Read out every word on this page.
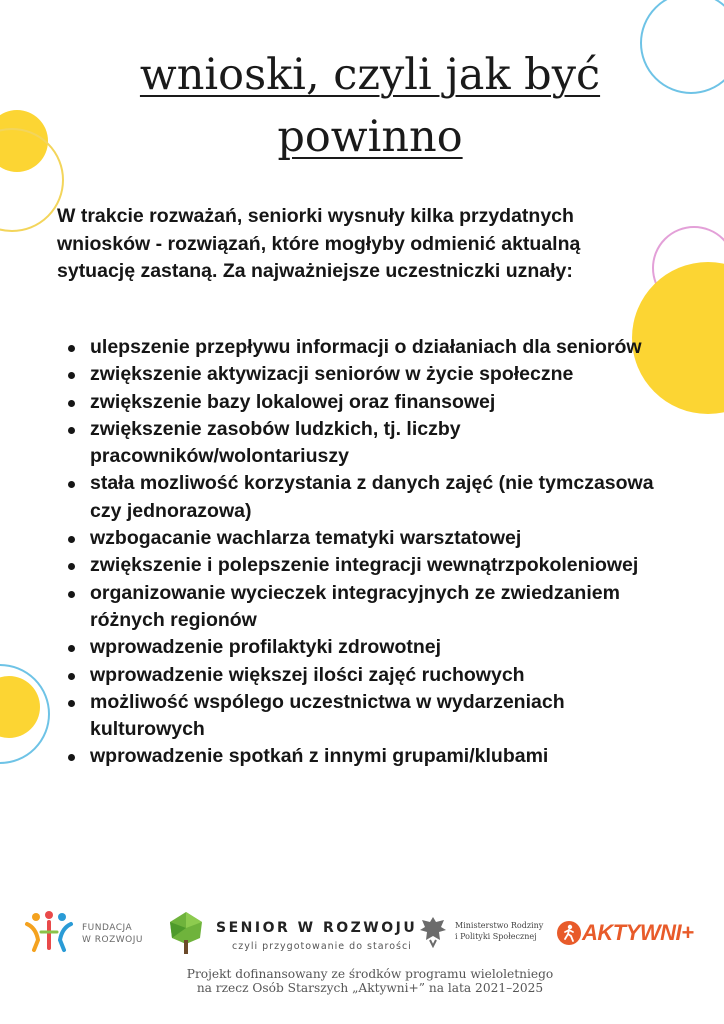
wnioski, czyli jak być
powinno

W trakcie rozważań, seniorki wysnuły kilka przydatnych wniosków - rozwiązań, które mogłyby odmienić aktualną sytuację zastaną. Za najważniejsze uczestniczki uznały:

ulepszenie przepływu informacji o działaniach dla seniorów
zwiększenie aktywizacji seniorów w życie społeczne
zwiększenie bazy lokalowej oraz finansowej
zwiększenie zasobów ludzkich, tj. liczby pracowników/wolontariuszy
stała mozliwość korzystania z danych zajęć (nie tymczasowa czy jednorazowa)
wzbogacanie wachlarza tematyki warsztatowej
zwiększenie i polepszenie integracji wewnątrzpokoleniowej
organizowanie wycieczek integracyjnych ze zwiedzaniem różnych regionów
wprowadzenie profilaktyki zdrowotnej
wprowadzenie większej ilości zajęć ruchowych
możliwość wspólego uczestnictwa w wydarzeniach kulturowych
wprowadzenie spotkań z innymi grupami/klubami
FUNDACJA
W ROZWOJU
SENIOR W ROZWOJU
czyli przygotowanie do starości
Ministerstwo Rodziny
i Polityki Społecznej	AKTYWNI+

Projekt dofinansowany ze środków programu wieloletniego
na rzecz Osób Starszych „Aktywni+” na lata 2021–2025
